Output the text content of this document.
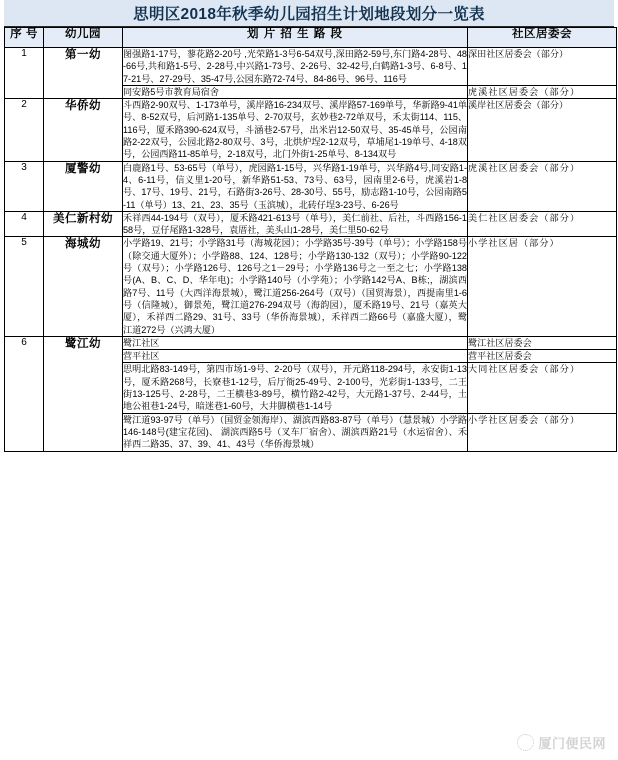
思明区2018年秋季幼儿园招生计划地段划分一览表
序 号	幼儿园	划 片 招 生 路 段	社区居委会
1	第一幼	图强路1-17号，蓼花路2-20号 ,光荣路1-3号6-54双号,深田路2-59号,东门路4-28号、48-66号,共和路1-5号、2-28号,中兴路1-73号、2-26号、32-42号,白鹤路1-3号、6-8号、17-21号、27-29号、35-47号,公园东路72-74号、84-86号、96号、116号	深田社区居委会（部分）
		同安路5号市教育局宿舍	虎溪社区居委会（部分）
2	华侨幼	斗西路2-90双号、1-173单号，溪岸路16-234双号、溪岸路57-169单号，华新路9-41单号、8-52双号，后河路1-135单号、2-70双号，玄妙巷2-72单双号，禾太街114、115、116号，厦禾路390-624双号，斗涵巷2-57号，出米岩12-50双号、35-45单号，公园南路2-22双号，公园北路2-80双号、3号，北烘炉埕2-12双号，草埔尾1-19单号、4-18双号，公园西路11-85单号，2-18双号，北门外街1-25单号、8-134双号	溪岸社区居委会（部分）
3	厦警幼	白鹿路1号、53-65号（单号），虎园路1-15号，兴华路1-19单号，兴华路4号,同安路1-4、6-11号，信义里1-20号，新华路51-53、73号、63号，园南里2-6号，虎溪岩1-8号、17号、19号、21号，石路街3-26号、28-30号、55号，励志路1-10号，公园南路5-11（单号）13、21、23、35号（玉滨城），北砖仔埕3-23号、6-26号	虎溪社区居委会（部分）
4	美仁新村幼	禾祥西44-194号（双号），厦禾路421-613号（单号），美仁前社、后社，斗西路156-158号，豆仔尾路1-328号，袁厝社，美头山1-28号，美仁里50-62号	美仁社区居委会（部分）
5	海城幼	小学路19、21号；小学路31号（海城花园）；小学路35号-39号（单号）；小学路158号（除交通大厦外）；小学路88、124、128号；小学路130-132（双号）；小学路90-122号（双号）；小学路126号、126号之1－29号；小学路136号之一至之七；小学路138号(A、B、C、D、华年电)；小学路140号（小学苑）；小学路142号A、B栋;，湖滨西路7号、11号（大西洋海景城），鹭江道256-264号（双号）（国贸海景），西提南里1-6号（信隆城），御景苑，鹭江道276-294双号（海韵园），厦禾路19号、21号（嘉英大厦），禾祥西二路29、31号、33号（华侨海景城），禾祥西二路66号（嘉盛大厦），鹭江道272号（兴鸿大厦）	小学社区居（部分）
6	鹭江幼	鹭江社区	鹭江社区居委会
		营平社区	营平社区居委会
		思明北路83-149号，第四市场1-9号、2-20号（双号），开元路118-294号，永安街1-13号，厦禾路268号，长寮巷1-12号，后厅衙25-49号、2-100号，光彩街1-133号，二王街13-125号、2-28号，二王横巷3-89号，横竹路2-42号，大元路1-37号、2-44号，土地公祖巷1-24号，暗迷巷1-60号，大井脚横巷1-14号	大同社区居委会（部分）
		鹭江道93-97号（单号）（国贸金领海岸）、湖滨西路83-87号（单号）（慧景城）小学路146-148号(建宝花园)、 湖滨西路5号（叉车厂宿舍）、湖滨西路21号（水运宿舍）、禾祥西二路35、37、39、41、43号（华侨海景城）	小学社区居委会（部分）
厦门便民网
